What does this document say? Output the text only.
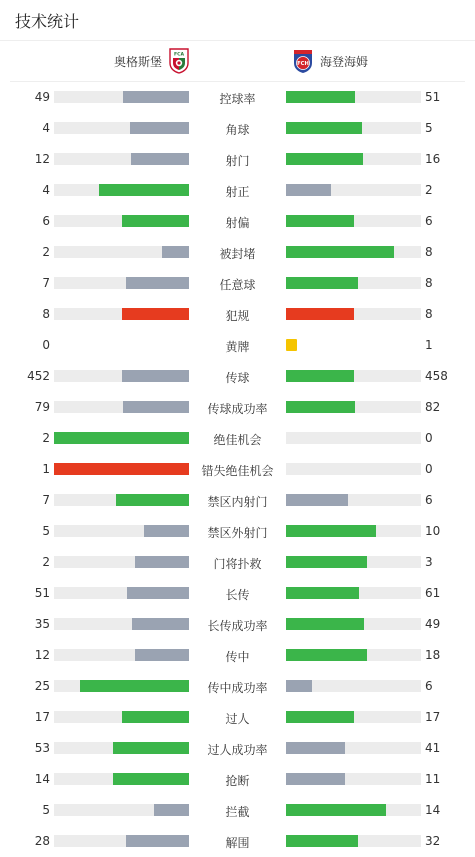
技术统计
奥格斯堡	FCA
FCH 海登海姆
49	控球率	51
4	角球	5
12	射门	16
4	射正	2
6	射偏	6
2	被封堵	8
7	任意球	8
8	犯规	8
0	黄牌	1
452	传球	458
79	传球成功率	82
2	绝佳机会	0
1	错失绝佳机会	0
7	禁区内射门	6
5	禁区外射门	10
2	门将扑救	3
51	长传	61
35	长传成功率	49
12	传中	18
25	传中成功率	6
17	过人	17
53	过人成功率	41
14	抢断	11
5	拦截	14
28	解围	32
